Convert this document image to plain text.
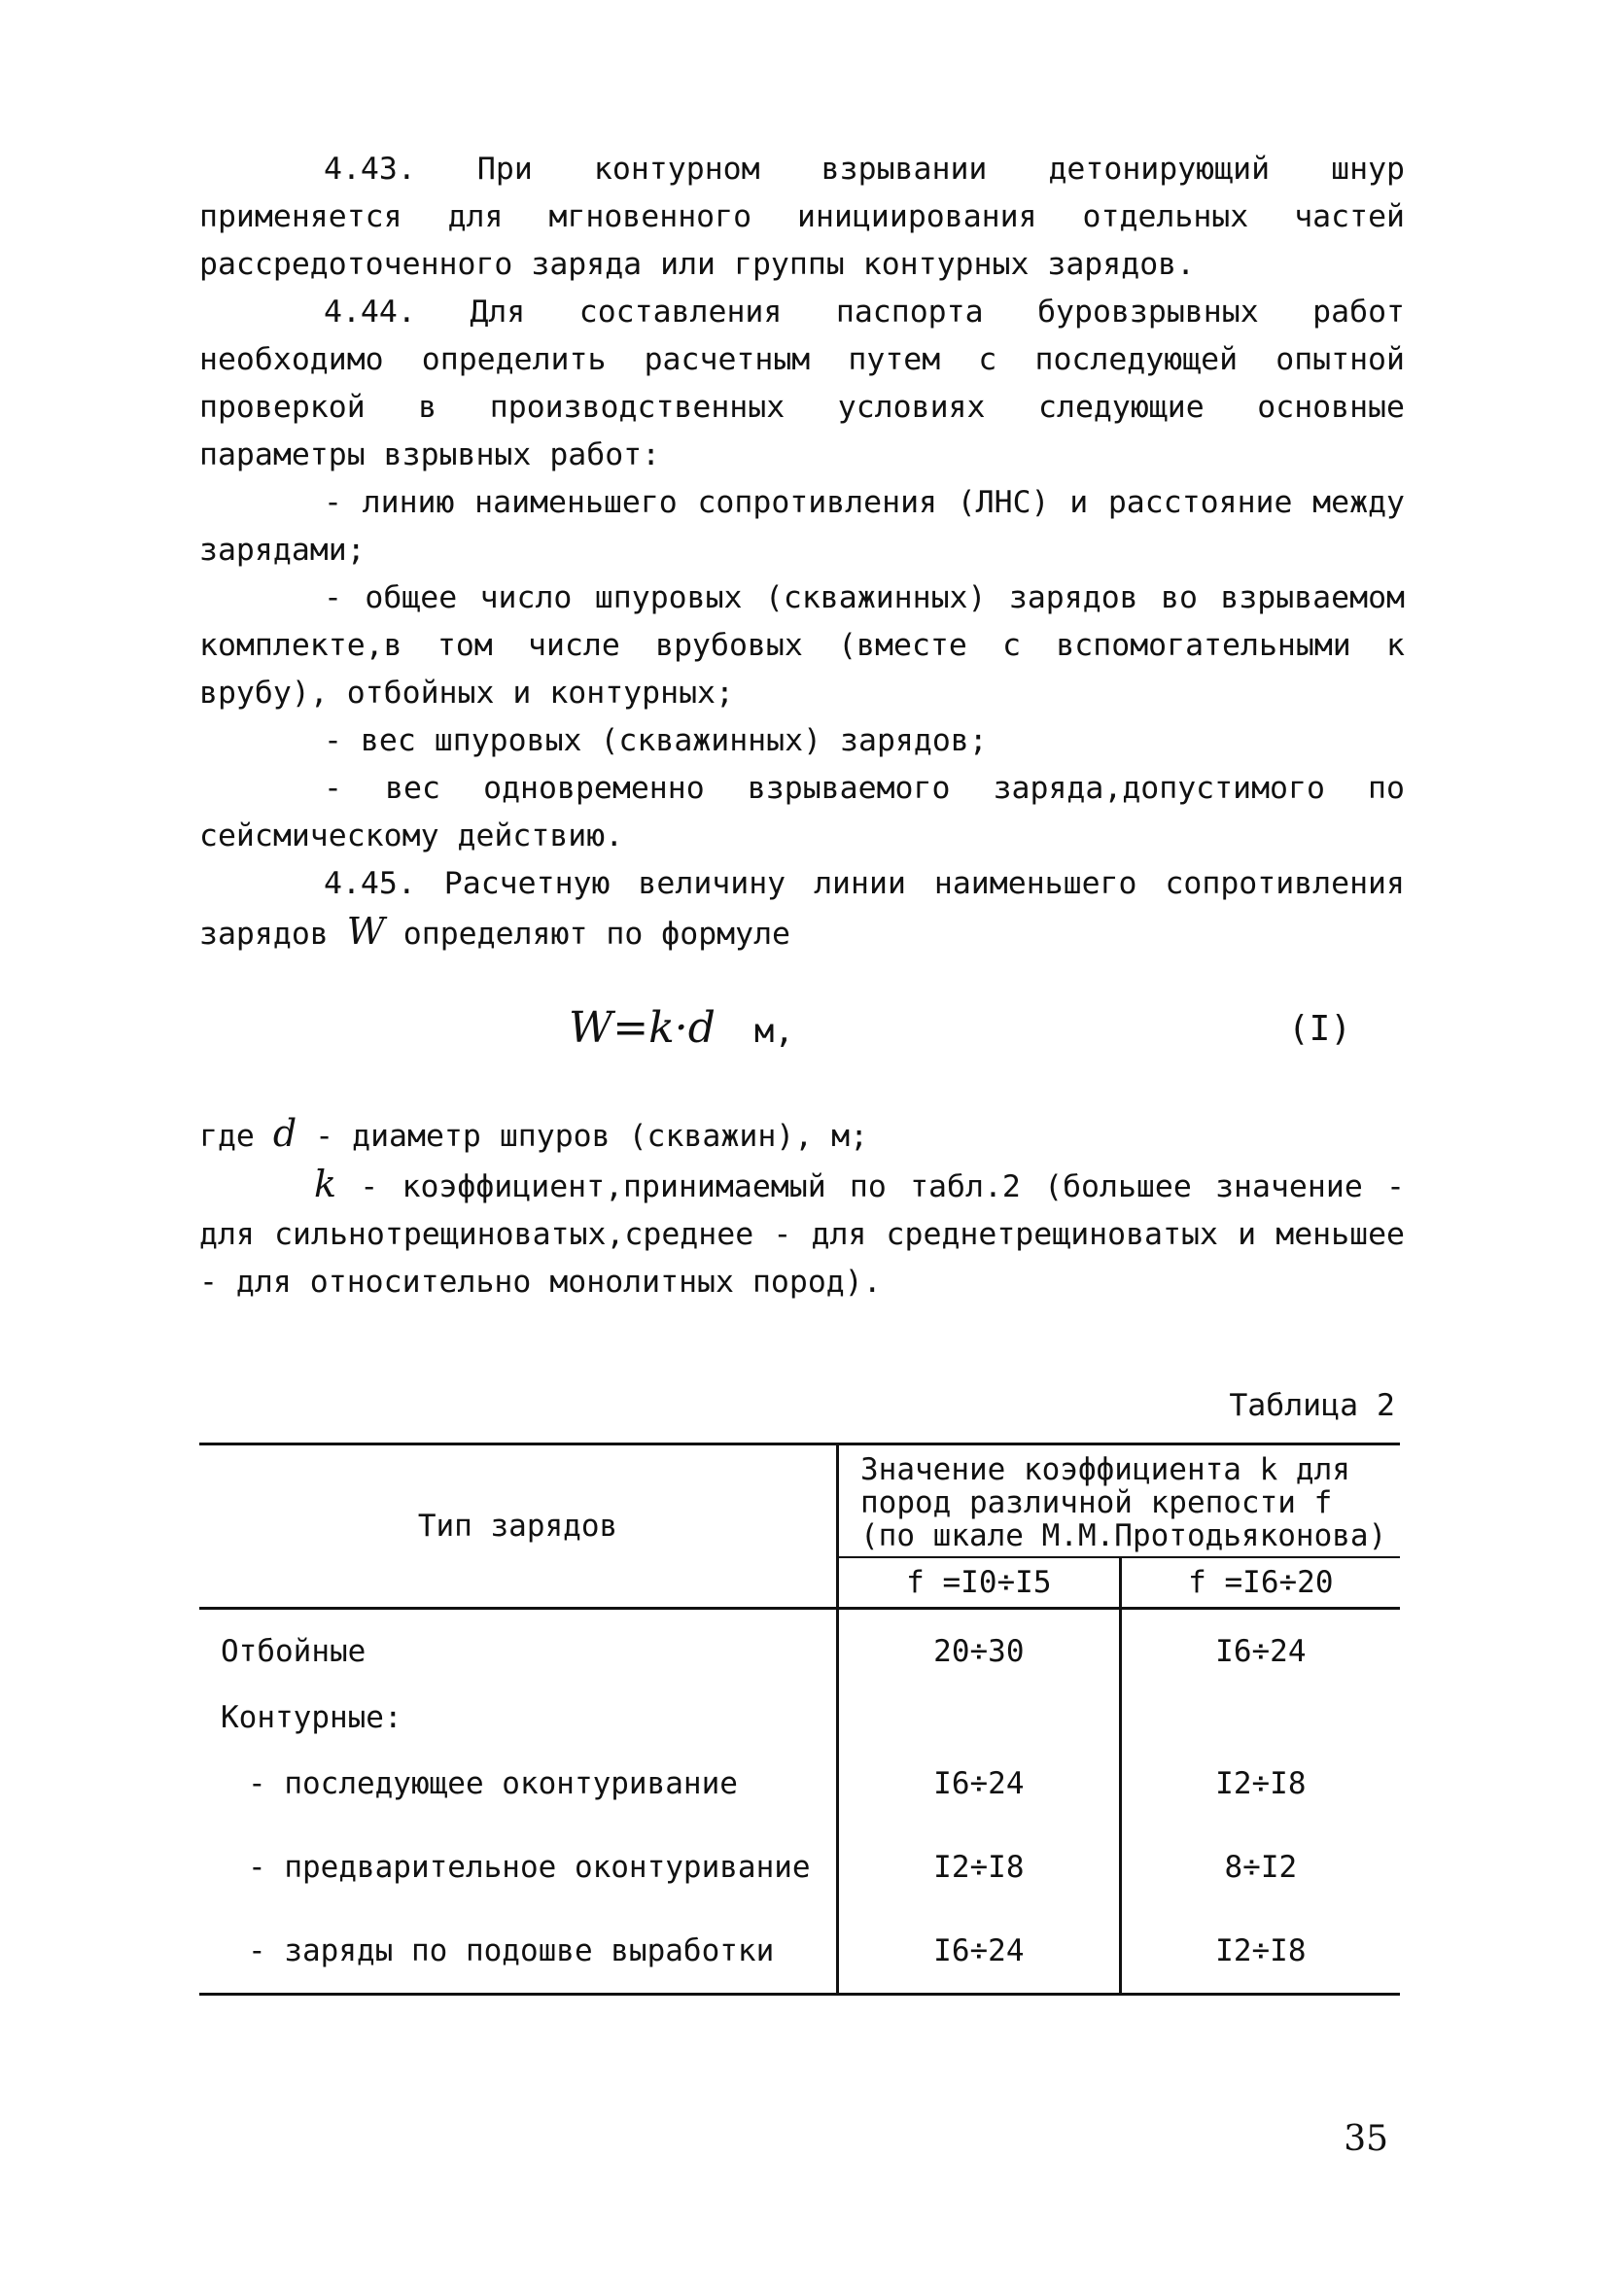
4.43. При контурном взрывании детонирующий шнур применяется для мгновенного инициирования отдельных частей рассредоточенного заряда или группы контурных зарядов.

4.44. Для составления паспорта буровзрывных работ необходимо определить расчетным путем с последующей опытной проверкой в производственных условиях следующие основные параметры взрывных работ:

- линию наименьшего сопротивления (ЛНС) и расстояние между зарядами;

- общее число шпуровых (скважинных) зарядов во взрываемом комплекте,в том числе врубовых (вместе с вспомогательными к врубу), отбойных и контурных;

- вес шпуровых (скважинных) зарядов;

- вес одновременно взрываемого заряда,допустимого по сейсмическому действию.

4.45. Расчетную величину линии наименьшего сопротивления зарядов W определяют по формуле

W=k·d м,	(I)

где d - диаметр шпуров (скважин), м;

k - коэффициент,принимаемый по табл.2 (большее значение - для сильнотрещиноватых,среднее - для среднетрещиноватых и меньшее - для относительно монолитных пород).

Таблица 2
Тип зарядов	Значение коэффициента k для пород различной крепости f (по шкале М.М.Протодьяконова)	
	f =I0÷I5	f =I6÷20
Отбойные	20÷30	I6÷24
Контурные:		
- последующее оконтуривание	I6÷24	I2÷I8
- предварительное оконтуривание	I2÷I8	8÷I2
- заряды по подошве выработки	I6÷24	I2÷I8
35
